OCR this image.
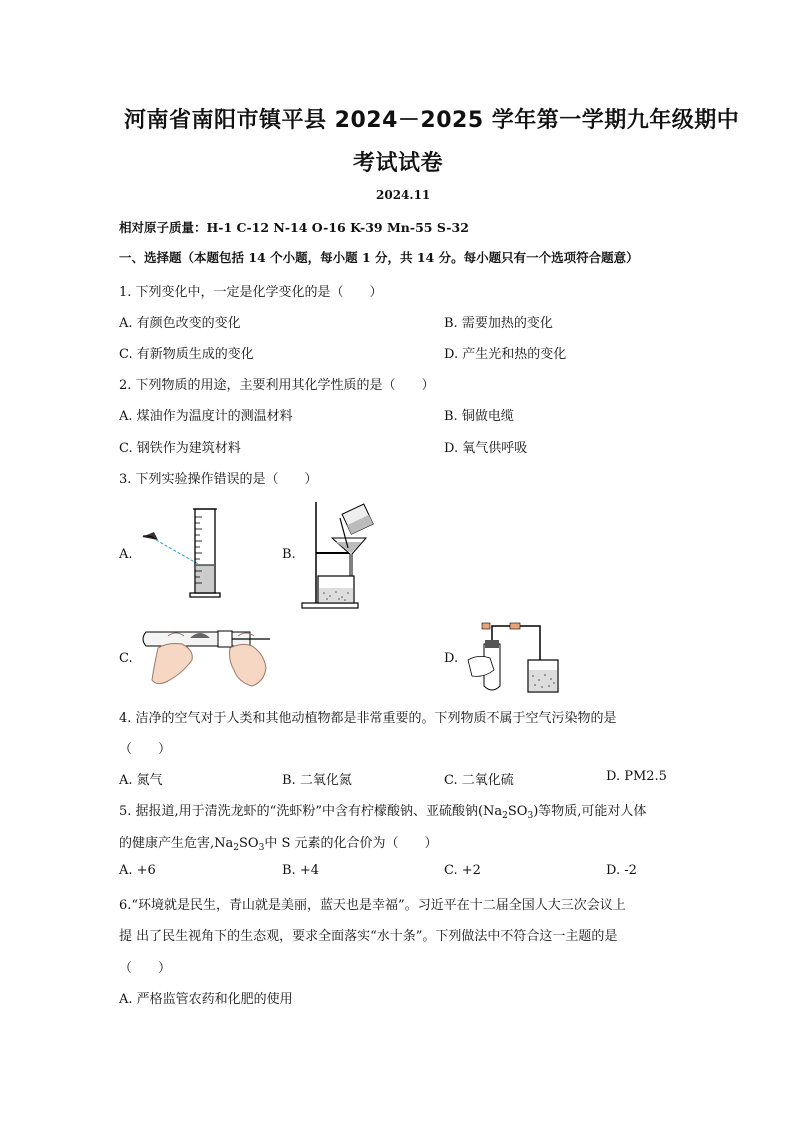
河南省南阳市镇平县 2024－2025 学年第一学期九年级期中
考试试卷
2024.11
相对原子质量：H-1 C-12 N-14 O-16 K-39 Mn-55 S-32
一、选择题（本题包括 14 个小题，每小题 1 分，共 14 分。每小题只有一个选项符合题意）
1. 下列变化中，一定是化学变化的是（　　）
A. 有颜色改变的变化	B. 需要加热的变化
C. 有新物质生成的变化	D. 产生光和热的变化
2. 下列物质的用途，主要利用其化学性质的是（　　）
A. 煤油作为温度计的测温材料	B. 铜做电缆
C. 钢铁作为建筑材料	D. 氧气供呼吸
3. 下列实验操作错误的是（　　）
A.	B.
C.	D.
4. 洁净的空气对于人类和其他动植物都是非常重要的。下列物质不属于空气污染物的是
（　　）
A. 氮气	B. 二氧化氮	C. 二氧化硫	D. PM2.5
5. 据报道,用于清洗龙虾的“洗虾粉”中含有柠檬酸钠、亚硫酸钠$(Na_2SO_3)$等物质,可能对人体
的健康产生危害$,Na_2SO_3$中 S 元素的化合价为（　　）
A. +6	B. +4	C. +2	D. -2
6.“环境就是民生，青山就是美丽，蓝天也是幸福”。习近平在十二届全国人大三次会议上
提 出了民生视角下的生态观，要求全面落实“水十条”。下列做法中不符合这一主题的是
（　　）
A. 严格监管农药和化肥的使用
